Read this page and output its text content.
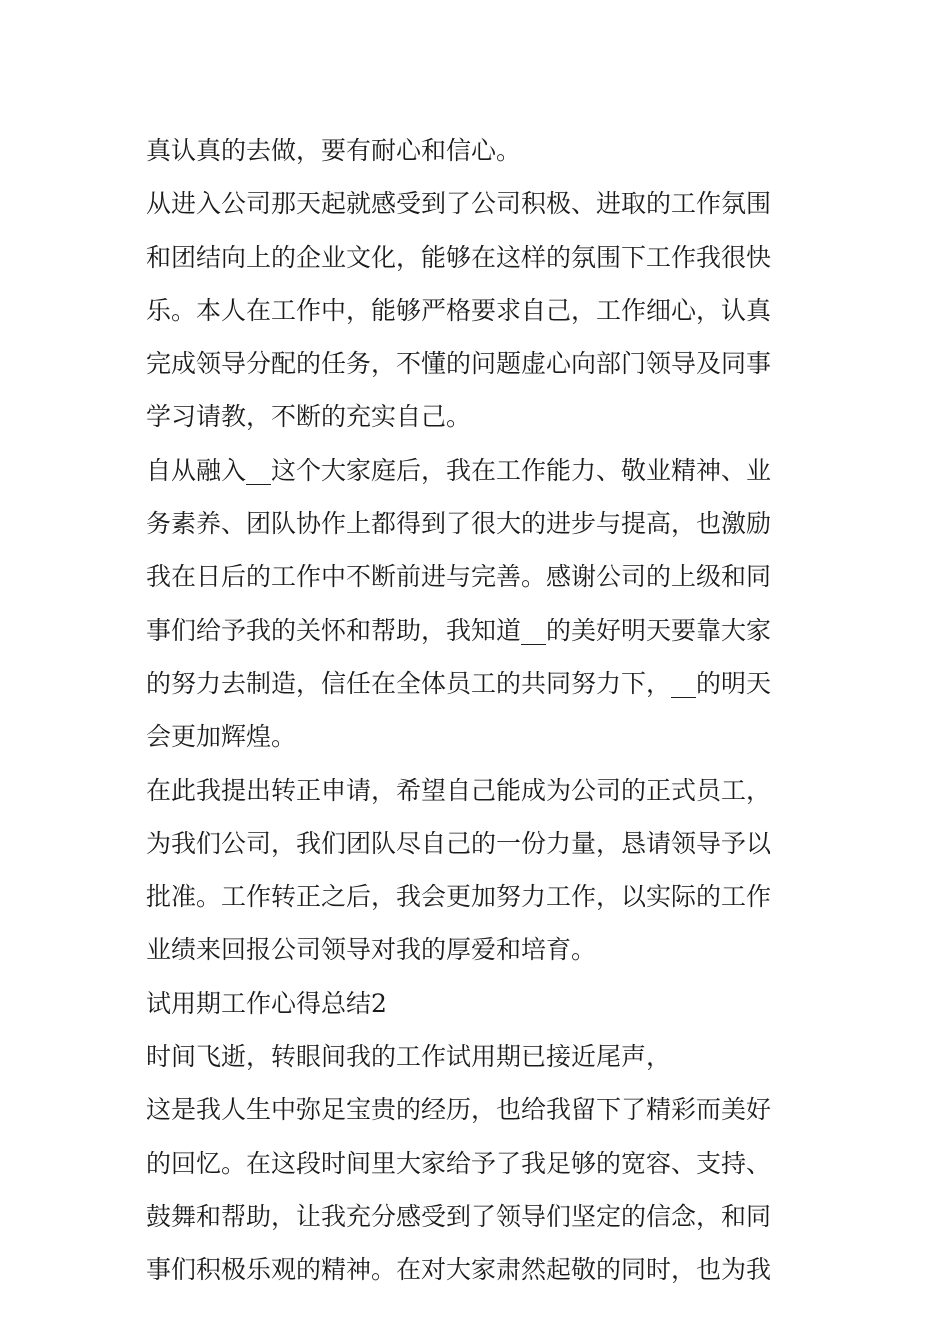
真认真的去做，要有耐心和信心。
从进入公司那天起就感受到了公司积极、进取的工作氛围
和团结向上的企业文化，能够在这样的氛围下工作我很快
乐。本人在工作中，能够严格要求自己，工作细心，认真
完成领导分配的任务，不懂的问题虚心向部门领导及同事
学习请教，不断的充实自己。
自从融入__这个大家庭后，我在工作能力、敬业精神、业
务素养、团队协作上都得到了很大的进步与提高，也激励
我在日后的工作中不断前进与完善。感谢公司的上级和同
事们给予我的关怀和帮助，我知道__的美好明天要靠大家
的努力去制造，信任在全体员工的共同努力下，__的明天
会更加辉煌。
在此我提出转正申请，希望自己能成为公司的正式员工，
为我们公司，我们团队尽自己的一份力量，恳请领导予以
批准。工作转正之后，我会更加努力工作，以实际的工作
业绩来回报公司领导对我的厚爱和培育。
试用期工作心得总结2
时间飞逝，转眼间我的工作试用期已接近尾声，
这是我人生中弥足宝贵的经历，也给我留下了精彩而美好
的回忆。在这段时间里大家给予了我足够的宽容、支持、
鼓舞和帮助，让我充分感受到了领导们坚定的信念，和同
事们积极乐观的精神。在对大家肃然起敬的同时，也为我
